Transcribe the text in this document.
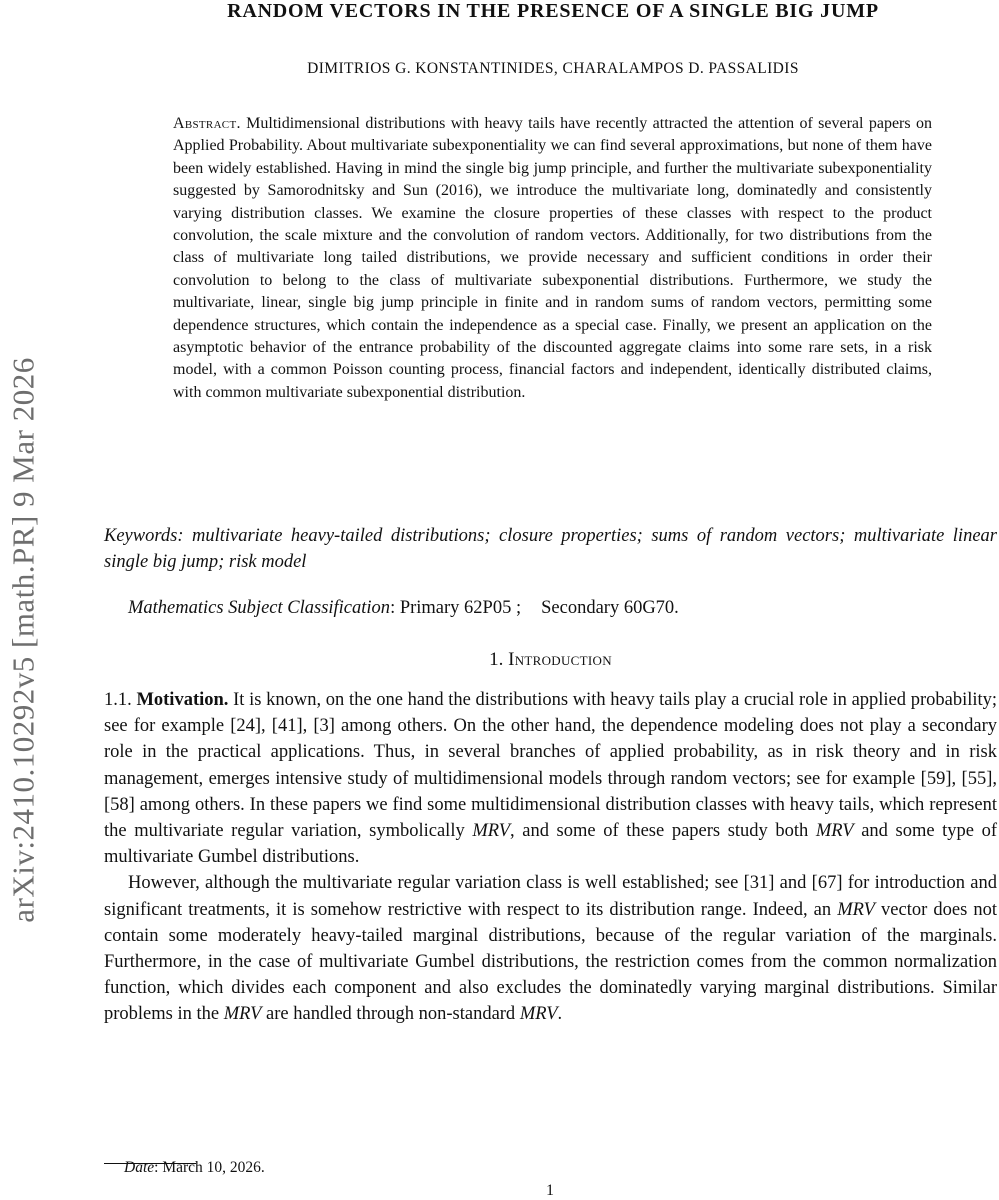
arXiv:2410.10292v5 [math.PR] 9 Mar 2026
RANDOM VECTORS IN THE PRESENCE OF A SINGLE BIG JUMP
DIMITRIOS G. KONSTANTINIDES, CHARALAMPOS D. PASSALIDIS

Abstract. Multidimensional distributions with heavy tails have recently attracted the attention of several papers on Applied Probability. About multivariate subexponentiality we can find several approximations, but none of them have been widely established. Having in mind the single big jump principle, and further the multivariate subexponentiality suggested by Samorodnitsky and Sun (2016), we introduce the multivariate long, dominatedly and consistently varying distribution classes. We examine the closure properties of these classes with respect to the product convolution, the scale mixture and the convolution of random vectors. Additionally, for two distributions from the class of multivariate long tailed distributions, we provide necessary and sufficient conditions in order their convolution to belong to the class of multivariate subexponential distributions. Furthermore, we study the multivariate, linear, single big jump principle in finite and in random sums of random vectors, permitting some dependence structures, which contain the independence as a special case. Finally, we present an application on the asymptotic behavior of the entrance probability of the discounted aggregate claims into some rare sets, in a risk model, with a common Poisson counting process, financial factors and independent, identically distributed claims, with common multivariate subexponential distribution.

Keywords: multivariate heavy-tailed distributions; closure properties; sums of random vectors; multivariate linear single big jump; risk model

Mathematics Subject Classification: Primary 62P05 ; Secondary 60G70.

1. Introduction

1.1. Motivation. It is known, on the one hand the distributions with heavy tails play a crucial role in applied probability; see for example [24], [41], [3] among others. On the other hand, the dependence modeling does not play a secondary role in the practical applications. Thus, in several branches of applied probability, as in risk theory and in risk management, emerges intensive study of multidimensional models through random vectors; see for example [59], [55], [58] among others. In these papers we find some multidimensional distribution classes with heavy tails, which represent the multivariate regular variation, symbolically MRV, and some of these papers study both MRV and some type of multivariate Gumbel distributions.

However, although the multivariate regular variation class is well established; see [31] and [67] for introduction and significant treatments, it is somehow restrictive with respect to its distribution range. Indeed, an MRV vector does not contain some moderately heavy-tailed marginal distributions, because of the regular variation of the marginals. Furthermore, in the case of multivariate Gumbel distributions, the restriction comes from the common normalization function, which divides each component and also excludes the dominatedly varying marginal distributions. Similar problems in the MRV are handled through non-standard MRV.

Date: March 10, 2026.

1
